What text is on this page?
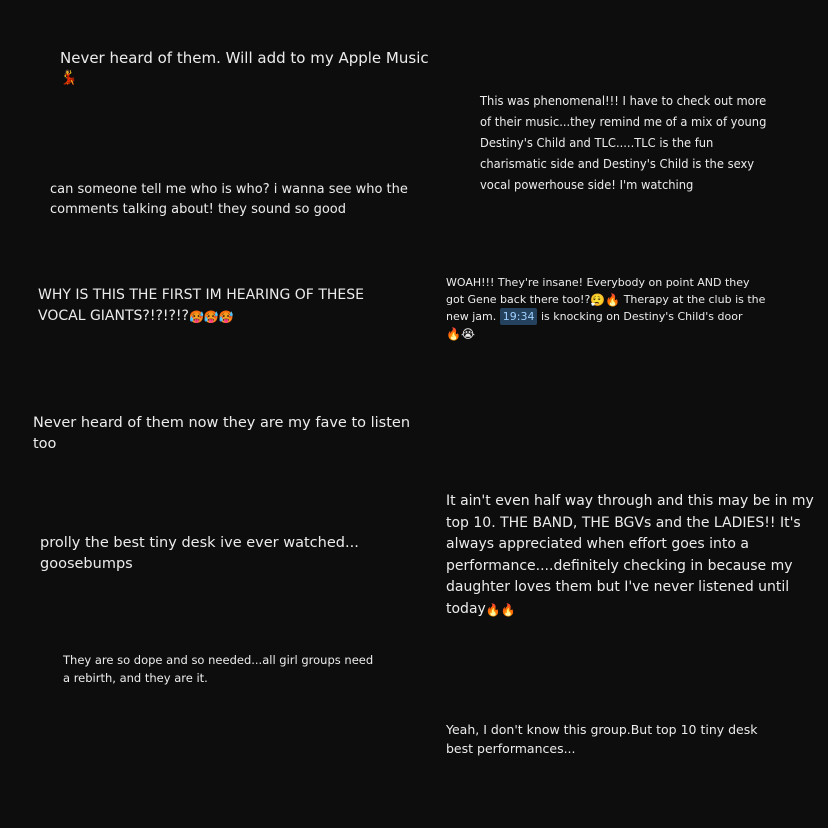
Never heard of them. Will add to my Apple Music
💃

can someone tell me who is who? i wanna see who the comments talking about! they sound so good

WHY IS THIS THE FIRST IM HEARING OF THESE VOCAL GIANTS?!?!?!?🥵🥵🥵

Never heard of them now they are my fave to listen too

prolly the best tiny desk ive ever watched... goosebumps

They are so dope and so needed...all girl groups need a rebirth, and they are it.

This was phenomenal!!! I have to check out more of their music...they remind me of a mix of young Destiny's Child and TLC.....TLC is the fun charismatic side and Destiny's Child is the sexy vocal powerhouse side! I'm watching

WOAH!!! They're insane! Everybody on point AND they got Gene back there too!?😮‍💨🔥 Therapy at the club is the new jam. 19:34 is knocking on Destiny's Child's door🔥😭

It ain't even half way through and this may be in my top 10. THE BAND, THE BGVs and the LADIES!! It's always appreciated when effort goes into a performance....definitely checking in because my daughter loves them but I've never listened until today🔥🔥

Yeah, I don't know this group.But top 10 tiny desk best performances...
